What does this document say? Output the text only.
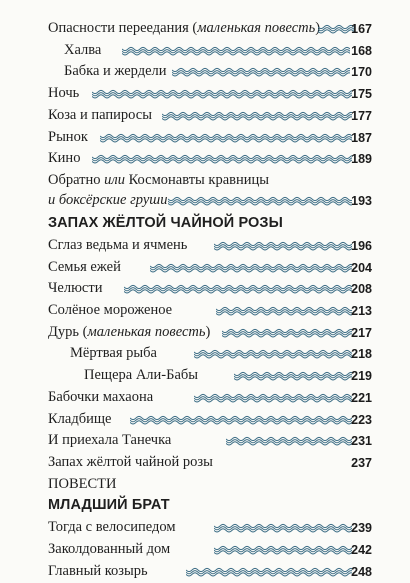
Опасности переедания (маленькая повесть) 167
Халва	168
Бабка и жердели	170
Ночь	175
Коза и папиросы	177
Рынок	187
Кино	189
Обратно или Космонавты кравницы
и боксёрские груши	193
ЗАПАХ ЖЁЛТОЙ ЧАЙНОЙ РОЗЫ
Сглаз ведьма и ячмень	196
Семья ежей	204
Челюсти	208
Солёное мороженое	213
Дурь (маленькая повесть)	217
Мёртвая рыба	218
Пещера Али-Бабы	219
Бабочки махаона	221
Кладбище	223
И приехала Танечка	231
Запах жёлтой чайной розы	237
ПОВЕСТИ
МЛАДШИЙ БРАТ
Тогда с велосипедом	239
Заколдованный дом	242
Главный козырь	248
